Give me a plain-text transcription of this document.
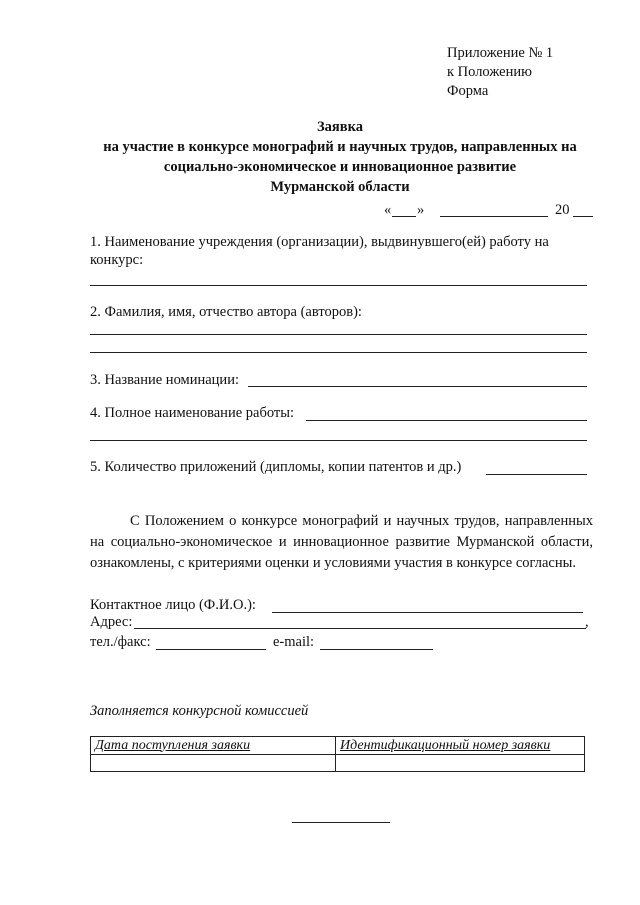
Приложение № 1
к Положению
Форма
Заявка
на участие в конкурсе монографий и научных трудов, направленных на
социально-экономическое и инновационное развитие
Мурманской области
« »	20
1. Наименование учреждения (организации), выдвинувшего(ей) работу на
конкурс:
2. Фамилия, имя, отчество автора (авторов):
3. Название номинации:
4. Полное наименование работы:
5. Количество приложений (дипломы, копии патентов и др.)
С Положением о конкурсе монографий и научных трудов, направленных на социально-экономическое и инновационное развитие Мурманской области, ознакомлены, с критериями оценки и условиями участия в конкурсе согласны.
Контактное лицо (Ф.И.О.):
Адрес:	,
тел./факс:	e-mail:
Заполняется конкурсной комиссией
Дата поступления заявки	Идентификационный номер заявки
